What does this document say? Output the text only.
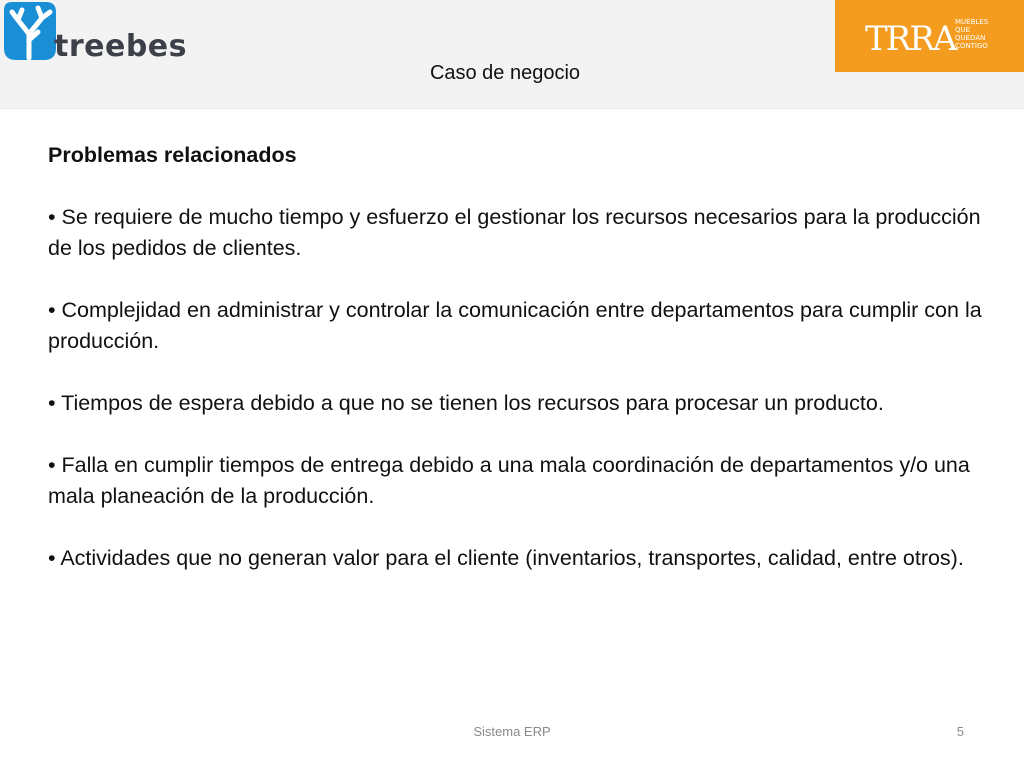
treebes	TRRA MUEBLES
QUE
QUEDAN
CONTIGO
Caso de negocio
Problemas relacionados
• Se requiere de mucho tiempo y esfuerzo el gestionar los recursos necesarios para la producción de los pedidos de clientes.
• Complejidad en administrar y controlar la comunicación entre departamentos para cumplir con la producción.
• Tiempos de espera debido a que no se tienen los recursos para procesar un producto.
• Falla en cumplir tiempos de entrega debido a una mala coordinación de departamentos y/o una mala planeación de la producción.
• Actividades que no generan valor para el cliente (inventarios, transportes, calidad, entre otros).
Sistema ERP	5
